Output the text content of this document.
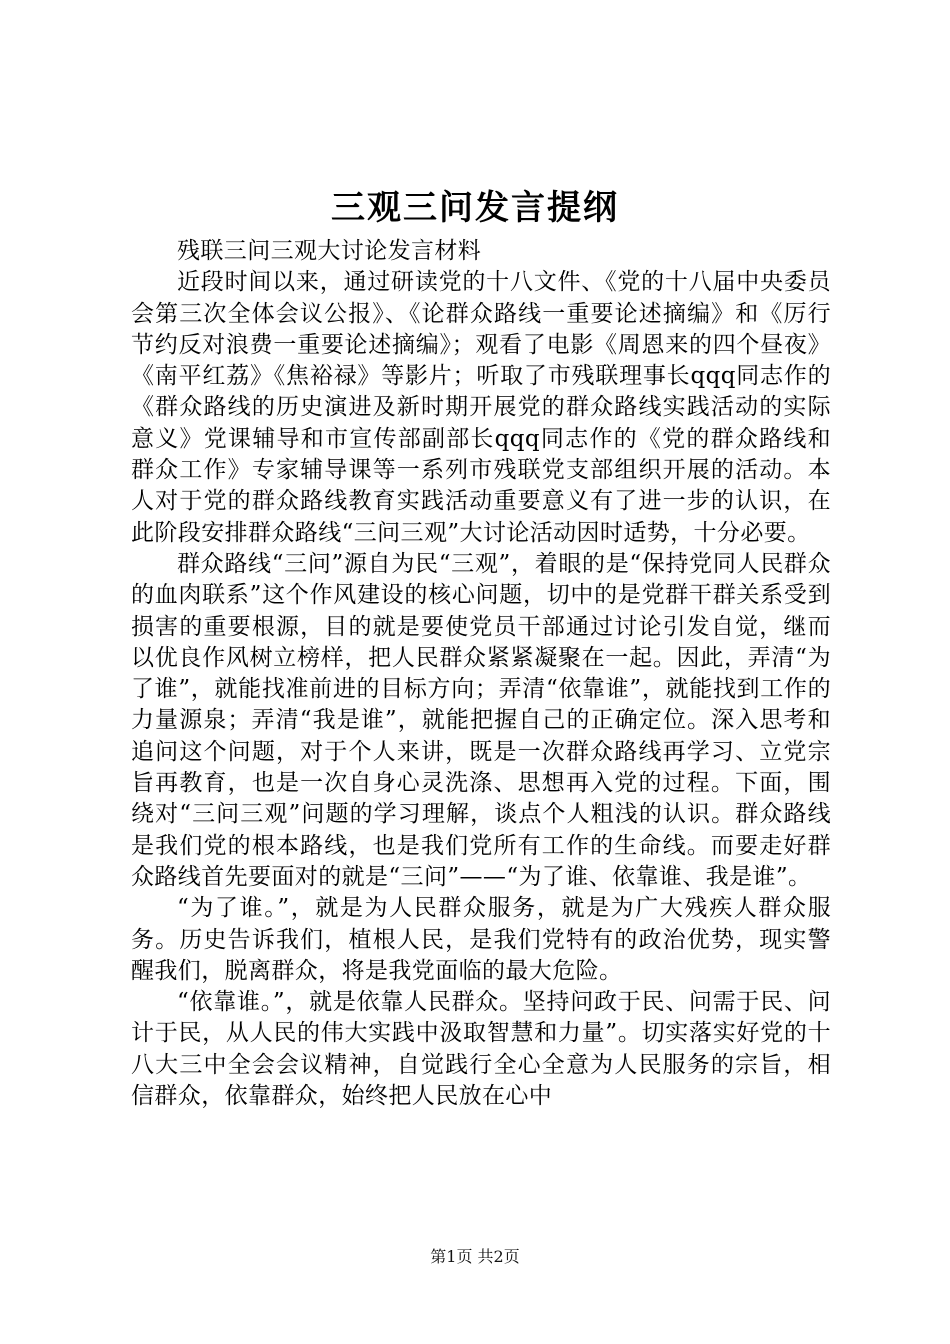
三观三问发言提纲

残联三问三观大讨论发言材料

近段时间以来，通过研读党的十八文件、《党的十八届中央委员会第三次全体会议公报》、《论群众路线一重要论述摘编》和《厉行节约反对浪费一重要论述摘编》；观看了电影《周恩来的四个昼夜》《南平红荔》《焦裕禄》等影片；听取了市残联理事长qqq同志作的《群众路线的历史演进及新时期开展党的群众路线实践活动的实际意义》党课辅导和市宣传部副部长qqq同志作的《党的群众路线和群众工作》专家辅导课等一系列市残联党支部组织开展的活动。本人对于党的群众路线教育实践活动重要意义有了进一步的认识，在此阶段安排群众路线“三问三观”大讨论活动因时适势，十分必要。

群众路线“三问”源自为民“三观”，着眼的是“保持党同人民群众的血肉联系”这个作风建设的核心问题，切中的是党群干群关系受到损害的重要根源，目的就是要使党员干部通过讨论引发自觉，继而以优良作风树立榜样，把人民群众紧紧凝聚在一起。因此，弄清“为了谁”，就能找准前进的目标方向；弄清“依靠谁”，就能找到工作的力量源泉；弄清“我是谁”，就能把握自己的正确定位。深入思考和追问这个问题，对于个人来讲，既是一次群众路线再学习、立党宗旨再教育，也是一次自身心灵洗涤、思想再入党的过程。下面，围绕对“三问三观”问题的学习理解，谈点个人粗浅的认识。群众路线是我们党的根本路线，也是我们党所有工作的生命线。而要走好群众路线首先要面对的就是“三问”——“为了谁、依靠谁、我是谁”。

“为了谁。”，就是为人民群众服务，就是为广大残疾人群众服务。历史告诉我们，植根人民，是我们党特有的政治优势，现实警醒我们，脱离群众，将是我党面临的最大危险。

“依靠谁。”，就是依靠人民群众。坚持问政于民、问需于民、问计于民，从人民的伟大实践中汲取智慧和力量”。切实落实好党的十八大三中全会会议精神，自觉践行全心全意为人民服务的宗旨，相信群众，依靠群众，始终把人民放在心中

第1页 共2页
